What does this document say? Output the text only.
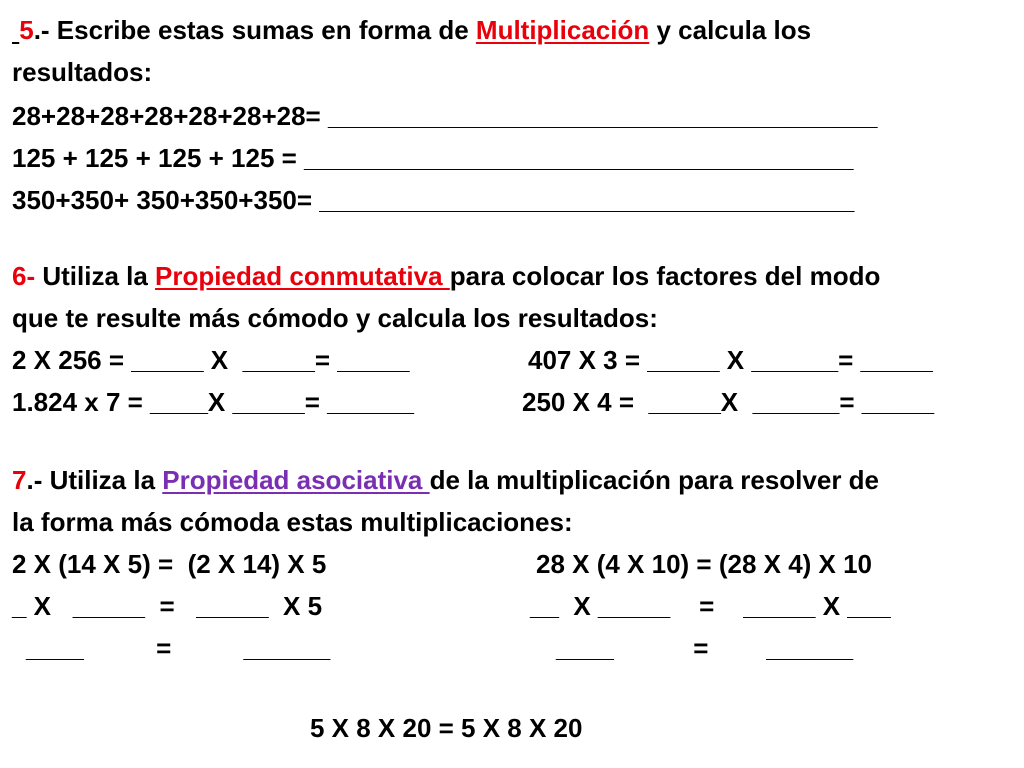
5.- Escribe estas sumas en forma de Multiplicación y calcula los
resultados:
28+28+28+28+28+28+28= ______________________________________
125 + 125 + 125 + 125 = ______________________________________
350+350+ 350+350+350= _____________________________________
6- Utiliza la Propiedad conmutativa para colocar los factores del modo
que te resulte más cómodo y calcula los resultados:
2 X 256 = _____ X  _____= _____	407 X 3 = _____ X ______= _____
1.824 x 7 = ____X _____= ______	250 X 4 =  _____X  ______= _____
7.- Utiliza la Propiedad asociativa de la multiplicación para resolver de
la forma más cómoda estas multiplicaciones:
2 X (14 X 5) =  (2 X 14) X 5	28 X (4 X 10) = (28 X 4) X 10
_ X   _____  =   _____  X 5	__  X _____    =    _____ X ___
____          =          ______	____           =        ______
5 X 8 X 20 = 5 X 8 X 20
